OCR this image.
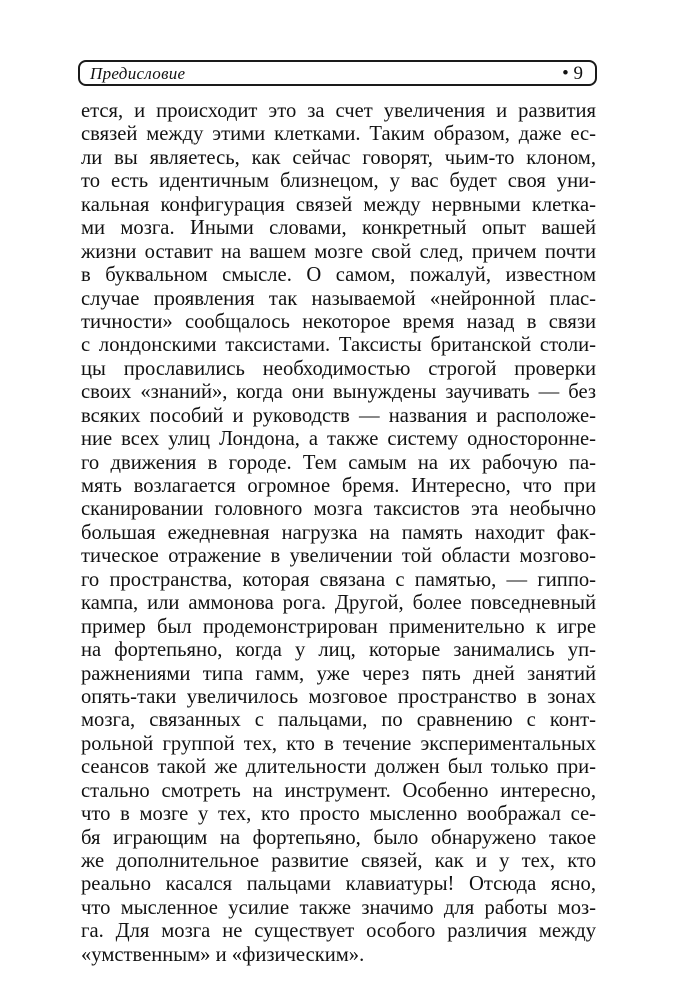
Предисловие	• 9
ется, и происходит это за счет увеличения и развития
связей между этими клетками. Таким образом, даже ес-
ли вы являетесь, как сейчас говорят, чьим-то клоном,
то есть идентичным близнецом, у вас будет своя уни-
кальная конфигурация связей между нервными клетка-
ми мозга. Иными словами, конкретный опыт вашей
жизни оставит на вашем мозге свой след, причем почти
в буквальном смысле. О самом, пожалуй, известном
случае проявления так называемой «нейронной плас-
тичности» сообщалось некоторое время назад в связи
с лондонскими таксистами. Таксисты британской столи-
цы прославились необходимостью строгой проверки
своих «знаний», когда они вынуждены заучивать — без
всяких пособий и руководств — названия и расположе-
ние всех улиц Лондона, а также систему односторонне-
го движения в городе. Тем самым на их рабочую па-
мять возлагается огромное бремя. Интересно, что при
сканировании головного мозга таксистов эта необычно
большая ежедневная нагрузка на память находит фак-
тическое отражение в увеличении той области мозгово-
го пространства, которая связана с памятью, — гиппо-
кампа, или аммонова рога. Другой, более повседневный
пример был продемонстрирован применительно к игре
на фортепьяно, когда у лиц, которые занимались уп-
ражнениями типа гамм, уже через пять дней занятий
опять-таки увеличилось мозговое пространство в зонах
мозга, связанных с пальцами, по сравнению с конт-
рольной группой тех, кто в течение экспериментальных
сеансов такой же длительности должен был только при-
стально смотреть на инструмент. Особенно интересно,
что в мозге у тех, кто просто мысленно воображал се-
бя играющим на фортепьяно, было обнаружено такое
же дополнительное развитие связей, как и у тех, кто
реально касался пальцами клавиатуры! Отсюда ясно,
что мысленное усилие также значимо для работы моз-
га. Для мозга не существует особого различия между
«умственным» и «физическим».
